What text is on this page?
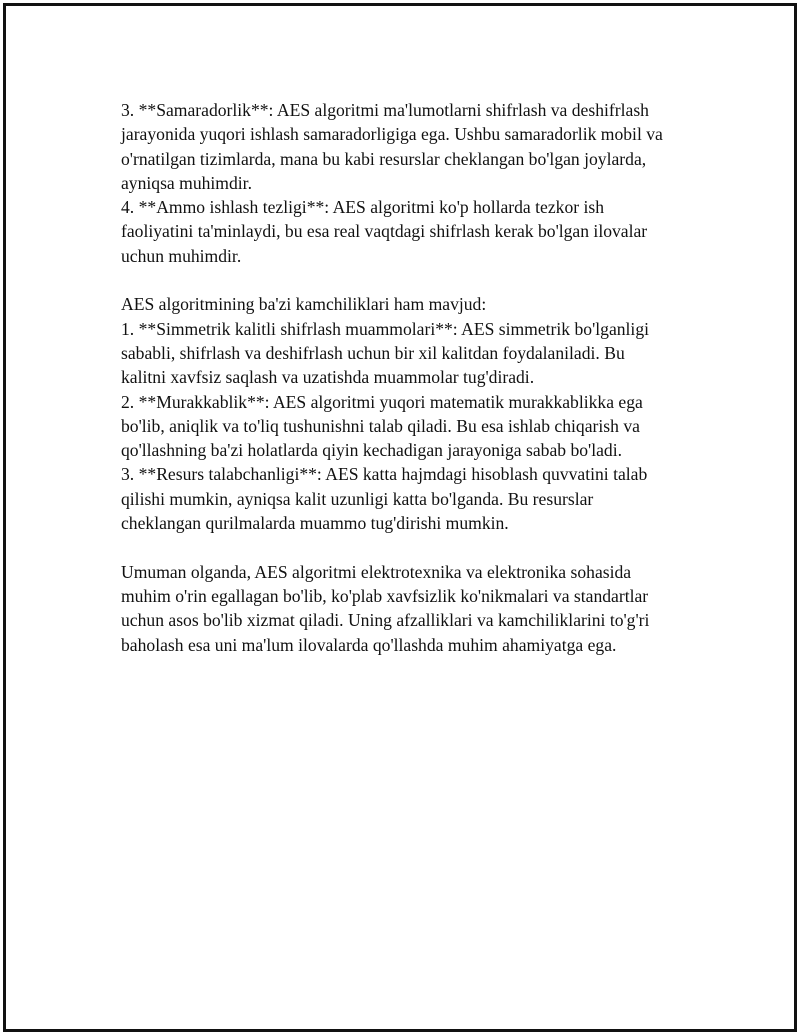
3. **Samaradorlik**: AES algoritmi ma'lumotlarni shifrlash va deshifrlash
jarayonida yuqori ishlash samaradorligiga ega. Ushbu samaradorlik mobil va
o'rnatilgan tizimlarda, mana bu kabi resurslar cheklangan bo'lgan joylarda,
ayniqsa muhimdir.
4. **Ammo ishlash tezligi**: AES algoritmi ko'p hollarda tezkor ish
faoliyatini ta'minlaydi, bu esa real vaqtdagi shifrlash kerak bo'lgan ilovalar
uchun muhimdir.
AES algoritmining ba'zi kamchiliklari ham mavjud:
1. **Simmetrik kalitli shifrlash muammolari**: AES simmetrik bo'lganligi
sababli, shifrlash va deshifrlash uchun bir xil kalitdan foydalaniladi. Bu
kalitni xavfsiz saqlash va uzatishda muammolar tug'diradi.
2. **Murakkablik**: AES algoritmi yuqori matematik murakkablikka ega
bo'lib, aniqlik va to'liq tushunishni talab qiladi. Bu esa ishlab chiqarish va
qo'llashning ba'zi holatlarda qiyin kechadigan jarayoniga sabab bo'ladi.
3. **Resurs talabchanligi**: AES katta hajmdagi hisoblash quvvatini talab
qilishi mumkin, ayniqsa kalit uzunligi katta bo'lganda. Bu resurslar
cheklangan qurilmalarda muammo tug'dirishi mumkin.
Umuman olganda, AES algoritmi elektrotexnika va elektronika sohasida
muhim o'rin egallagan bo'lib, ko'plab xavfsizlik ko'nikmalari va standartlar
uchun asos bo'lib xizmat qiladi. Uning afzalliklari va kamchiliklarini to'g'ri
baholash esa uni ma'lum ilovalarda qo'llashda muhim ahamiyatga ega.
